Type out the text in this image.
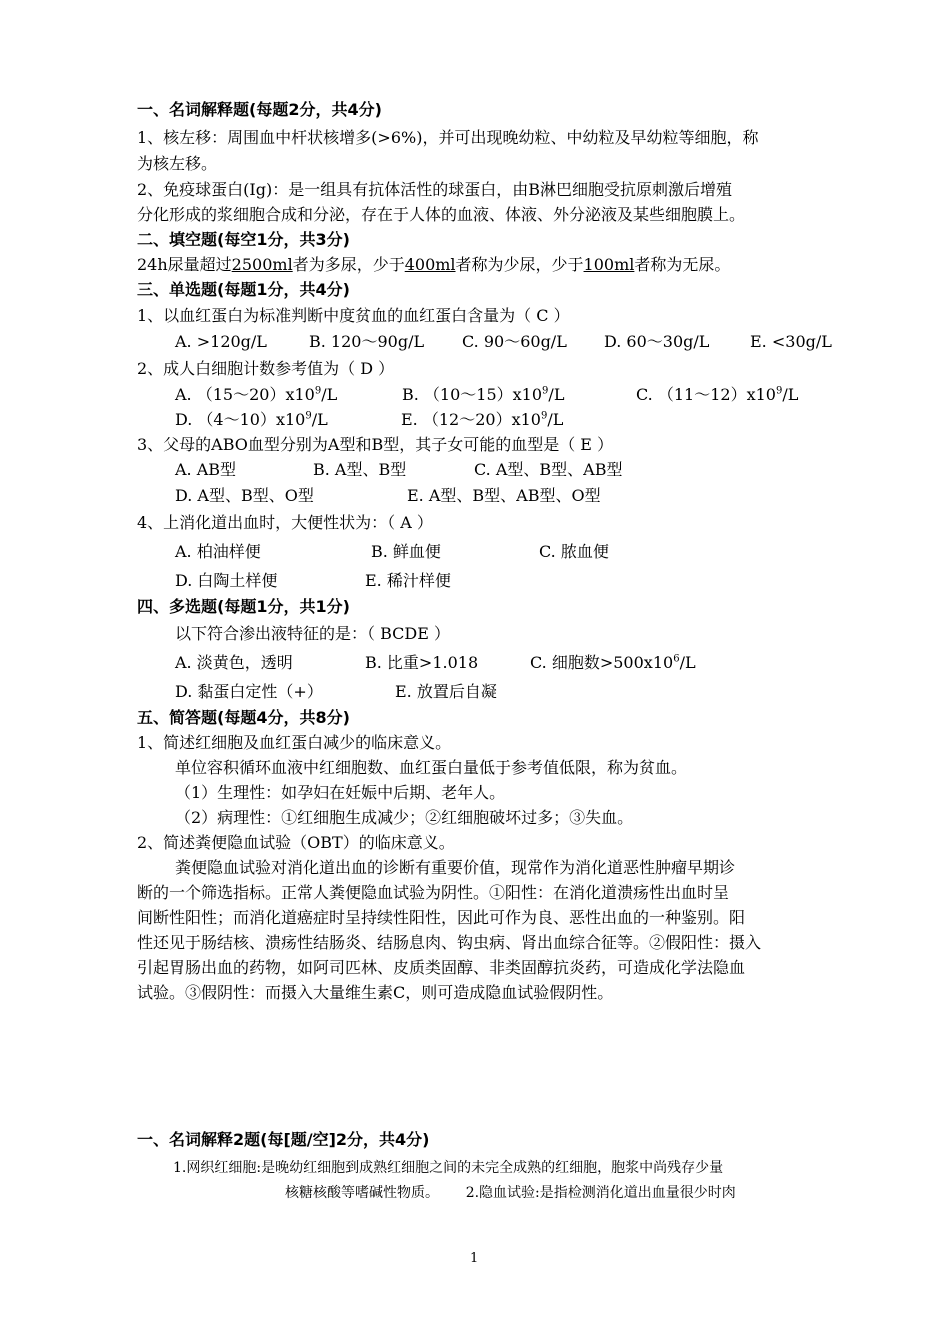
一、名词解释题(每题2分，共4分)
1、核左移：周围血中杆状核增多(>6%)，并可出现晚幼粒、中幼粒及早幼粒等细胞，称
为核左移。
2、免疫球蛋白(Ig)：是一组具有抗体活性的球蛋白，由B淋巴细胞受抗原刺激后增殖
分化形成的浆细胞合成和分泌，存在于人体的血液、体液、外分泌液及某些细胞膜上。
二、填空题(每空1分，共3分)
24h尿量超过2500ml者为多尿，少于400ml者称为少尿，少于100ml者称为无尿。
三、单选题(每题1分，共4分)
1、以血红蛋白为标准判断中度贫血的血红蛋白含量为（ C ）
A. >120g/L	B. 120～90g/L C. 90～60g/L D. 60～30g/L	E. <30g/L
2、成人白细胞计数参考值为（ D ）
A. $(15\sim 20)x10^9/L$	B. $(10\sim 15)x10^9/L$	C. $(11\sim 12)x10^9/L$
D. $(4\sim 10)x10^9/L$	E. $(12\sim 20)x10^9/L$
3、父母的ABO血型分别为A型和B型，其子女可能的血型是（ E ）
A. AB型	B. A型、B型	C. A型、B型、AB型
D. A型、B型、O型	E. A型、B型、AB型、O型
4、上消化道出血时，大便性状为：（ A ）
A. 柏油样便	B. 鲜血便	C. 脓血便
D. 白陶土样便	E. 稀汁样便
四、多选题(每题1分，共1分)
以下符合渗出液特征的是：（ BCDE ）
A. 淡黄色，透明	B. 比重>1.018	C. 细胞数$>500x10^6/L$
D. 黏蛋白定性（+）	E. 放置后自凝
五、简答题(每题4分，共8分)
1、简述红细胞及血红蛋白减少的临床意义。
单位容积循环血液中红细胞数、血红蛋白量低于参考值低限，称为贫血。
（1）生理性：如孕妇在妊娠中后期、老年人。
（2）病理性：①红细胞生成减少；②红细胞破坏过多；③失血。
2、简述粪便隐血试验（OBT）的临床意义。
粪便隐血试验对消化道出血的诊断有重要价值，现常作为消化道恶性肿瘤早期诊
断的一个筛选指标。正常人粪便隐血试验为阴性。①阳性：在消化道溃疡性出血时呈
间断性阳性；而消化道癌症时呈持续性阳性，因此可作为良、恶性出血的一种鉴别。阳
性还见于肠结核、溃疡性结肠炎、结肠息肉、钩虫病、肾出血综合征等。②假阳性：摄入
引起胃肠出血的药物，如阿司匹林、皮质类固醇、非类固醇抗炎药，可造成化学法隐血
试验。③假阴性：而摄入大量维生素C，则可造成隐血试验假阴性。
一、名词解释2题(每[题/空]2分，共4分)
1.网织红细胞:是晚幼红细胞到成熟红细胞之间的未完全成熟的红细胞，胞浆中尚残存少量
核糖核酸等嗜碱性物质。      2.隐血试验:是指检测消化道出血量很少时肉
1
